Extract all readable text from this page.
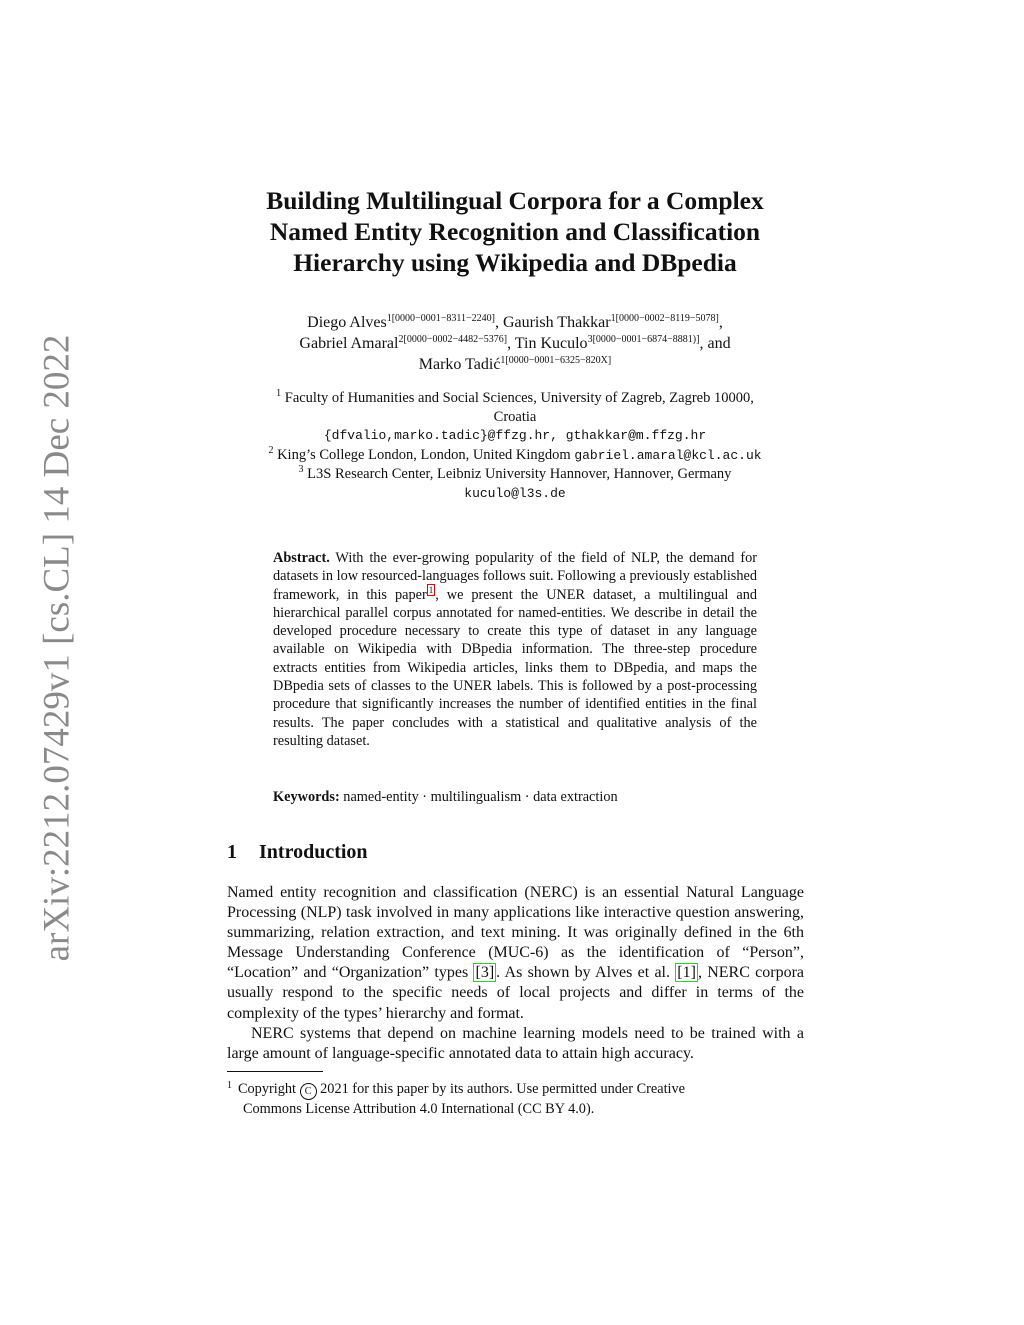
arXiv:2212.07429v1 [cs.CL] 14 Dec 2022
Building Multilingual Corpora for a Complex
Named Entity Recognition and Classification
Hierarchy using Wikipedia and DBpedia
Diego Alves$^{1[0000-0001-8311-2240]}$, Gaurish Thakkar$^{1[0000-0002-8119-5078]}$,
Gabriel Amaral$^{2[0000-0002-4482-5376]}$, Tin Kuculo$^{3[0000-0001-6874-8881)]}$, and
Marko Tadić$^{1[0000-0001-6325-820X]}$
$^1$ Faculty of Humanities and Social Sciences, University of Zagreb, Zagreb 10000,
Croatia
{dfvalio,marko.tadic}@ffzg.hr, gthakkar@m.ffzg.hr
$^2$ King’s College London, London, United Kingdom gabriel.amaral@kcl.ac.uk
$^3$ L3S Research Center, Leibniz University Hannover, Hannover, Germany
kuculo@l3s.de
Abstract. With the ever-growing popularity of the field of NLP, the demand for datasets in low resourced-languages follows suit. Following a previously established framework, in this paper $^1$ , we present the UNER dataset, a multilingual and hierarchical parallel corpus annotated for named-entities. We describe in detail the developed procedure necessary to create this type of dataset in any language available on Wikipedia with DBpedia information. The three-step procedure extracts entities from Wikipedia articles, links them to DBpedia, and maps the DBpedia sets of classes to the UNER labels. This is followed by a post-processing procedure that significantly increases the number of identified entities in the final results. The paper concludes with a statistical and qualitative analysis of the resulting dataset.
Keywords: named-entity · multilingualism · data extraction
1 Introduction

Named entity recognition and classification (NERC) is an essential Natural Language Processing (NLP) task involved in many applications like interactive question answering, summarizing, relation extraction, and text mining. It was originally defined in the 6th Message Understanding Conference (MUC-6) as the identification of “Person”, “Location” and “Organization” types [3] . As shown by Alves et al. [1] , NERC corpora usually respond to the specific needs of local projects and differ in terms of the complexity of the types’ hierarchy and format.

NERC systems that depend on machine learning models need to be trained with a large amount of language-specific annotated data to attain high accuracy.

$^1$ Copyright C 2021 for this paper by its authors. Use permitted under Creative
Commons License Attribution 4.0 International (CC BY 4.0).
